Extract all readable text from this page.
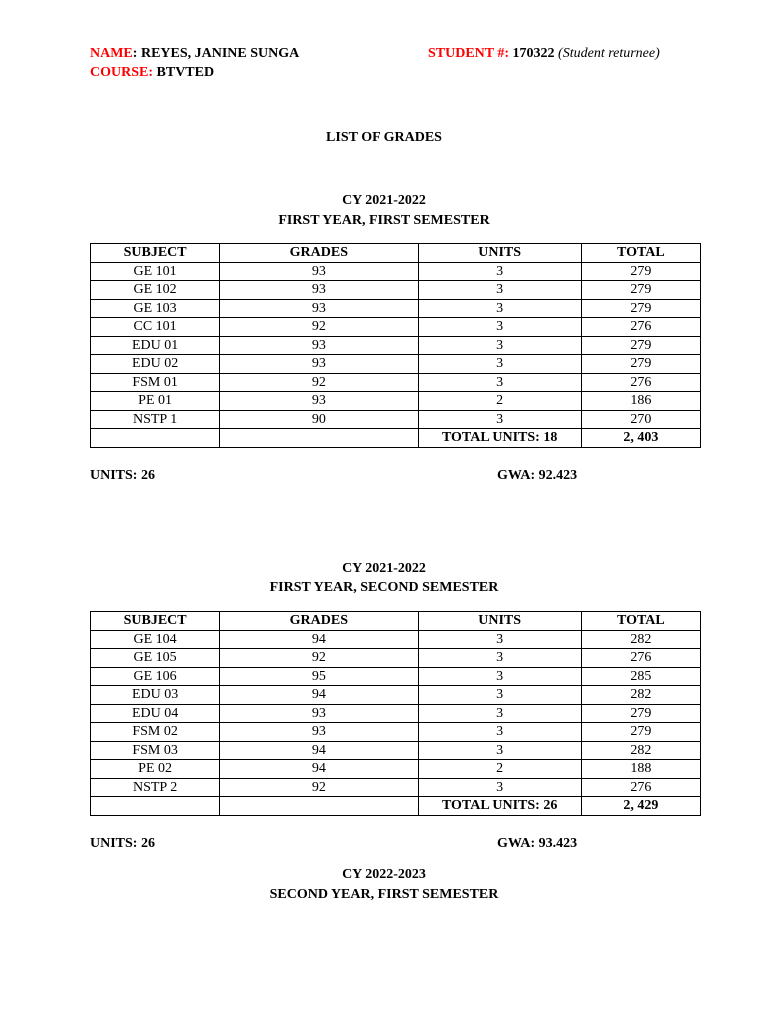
NAME: REYES, JANINE SUNGA	STUDENT #: 170322 (Student returnee)
COURSE: BTVTED
LIST OF GRADES
CY 2021-2022
FIRST YEAR, FIRST SEMESTER
SUBJECT	GRADES	UNITS	TOTAL
GE 101	93	3	279
GE 102	93	3	279
GE 103	93	3	279
CC 101	92	3	276
EDU 01	93	3	279
EDU 02	93	3	279
FSM 01	92	3	276
PE 01	93	2	186
NSTP 1	90	3	270
		TOTAL UNITS: 18	2, 403
UNITS: 26	GWA: 92.423
CY 2021-2022
FIRST YEAR, SECOND SEMESTER
SUBJECT	GRADES	UNITS	TOTAL
GE 104	94	3	282
GE 105	92	3	276
GE 106	95	3	285
EDU 03	94	3	282
EDU 04	93	3	279
FSM 02	93	3	279
FSM 03	94	3	282
PE 02	94	2	188
NSTP 2	92	3	276
		TOTAL UNITS: 26	2, 429
UNITS: 26	GWA: 93.423
CY 2022-2023
SECOND YEAR, FIRST SEMESTER
